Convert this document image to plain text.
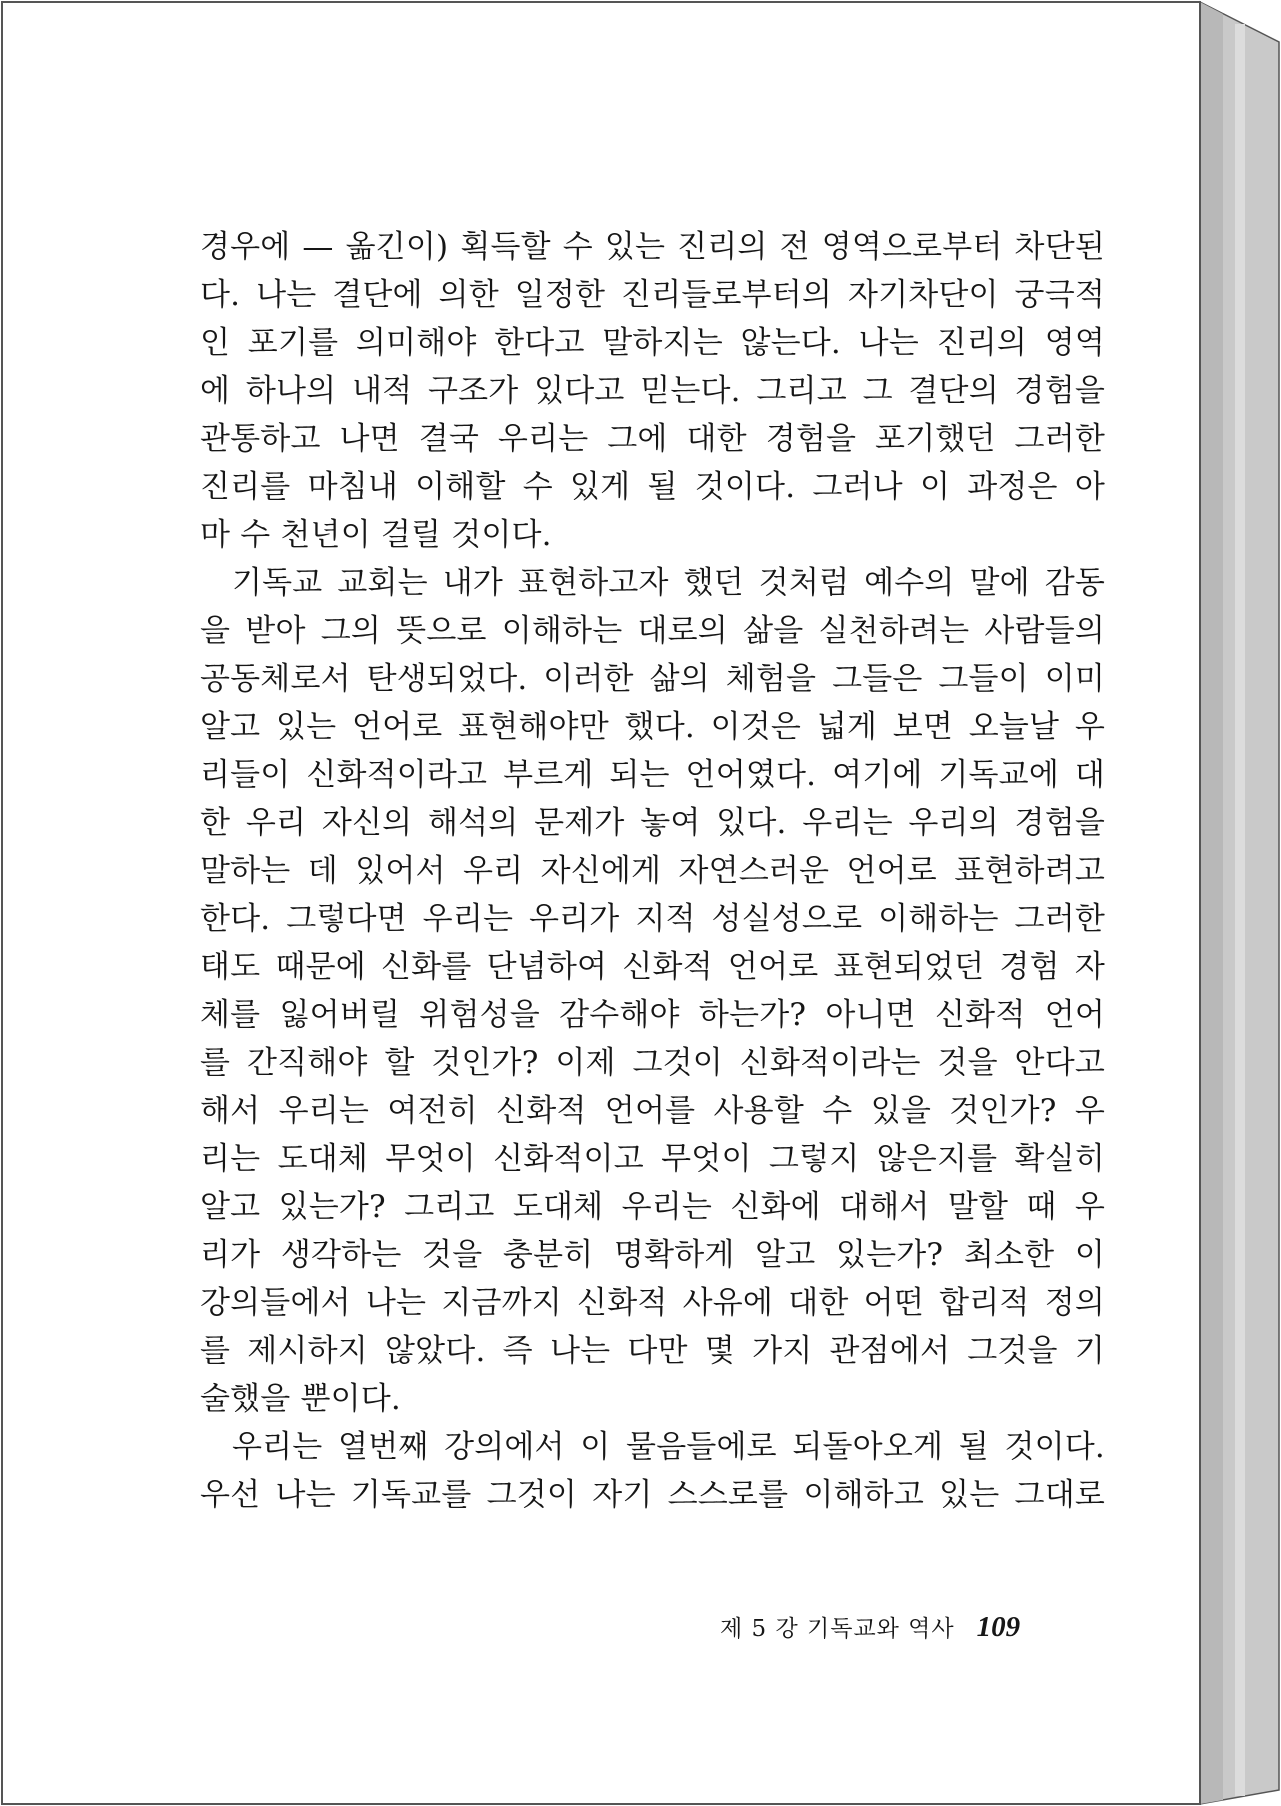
경우에 — 옮긴이) 획득할 수 있는 진리의 전 영역으로부터 차단된
다. 나는 결단에 의한 일정한 진리들로부터의 자기차단이 궁극적
인 포기를 의미해야 한다고 말하지는 않는다. 나는 진리의 영역
에 하나의 내적 구조가 있다고 믿는다. 그리고 그 결단의 경험을
관통하고 나면 결국 우리는 그에 대한 경험을 포기했던 그러한
진리를 마침내 이해할 수 있게 될 것이다. 그러나 이 과정은 아
마 수 천년이 걸릴 것이다.
기독교 교회는 내가 표현하고자 했던 것처럼 예수의 말에 감동
을 받아 그의 뜻으로 이해하는 대로의 삶을 실천하려는 사람들의
공동체로서 탄생되었다. 이러한 삶의 체험을 그들은 그들이 이미
알고 있는 언어로 표현해야만 했다. 이것은 넓게 보면 오늘날 우
리들이 신화적이라고 부르게 되는 언어였다. 여기에 기독교에 대
한 우리 자신의 해석의 문제가 놓여 있다. 우리는 우리의 경험을
말하는 데 있어서 우리 자신에게 자연스러운 언어로 표현하려고
한다. 그렇다면 우리는 우리가 지적 성실성으로 이해하는 그러한
태도 때문에 신화를 단념하여 신화적 언어로 표현되었던 경험 자
체를 잃어버릴 위험성을 감수해야 하는가? 아니면 신화적 언어
를 간직해야 할 것인가? 이제 그것이 신화적이라는 것을 안다고
해서 우리는 여전히 신화적 언어를 사용할 수 있을 것인가? 우
리는 도대체 무엇이 신화적이고 무엇이 그렇지 않은지를 확실히
알고 있는가? 그리고 도대체 우리는 신화에 대해서 말할 때 우
리가 생각하는 것을 충분히 명확하게 알고 있는가? 최소한 이
강의들에서 나는 지금까지 신화적 사유에 대한 어떤 합리적 정의
를 제시하지 않았다. 즉 나는 다만 몇 가지 관점에서 그것을 기
술했을 뿐이다.
우리는 열번째 강의에서 이 물음들에로 되돌아오게 될 것이다.
우선 나는 기독교를 그것이 자기 스스로를 이해하고 있는 그대로
제 5 강 기독교와 역사 109
